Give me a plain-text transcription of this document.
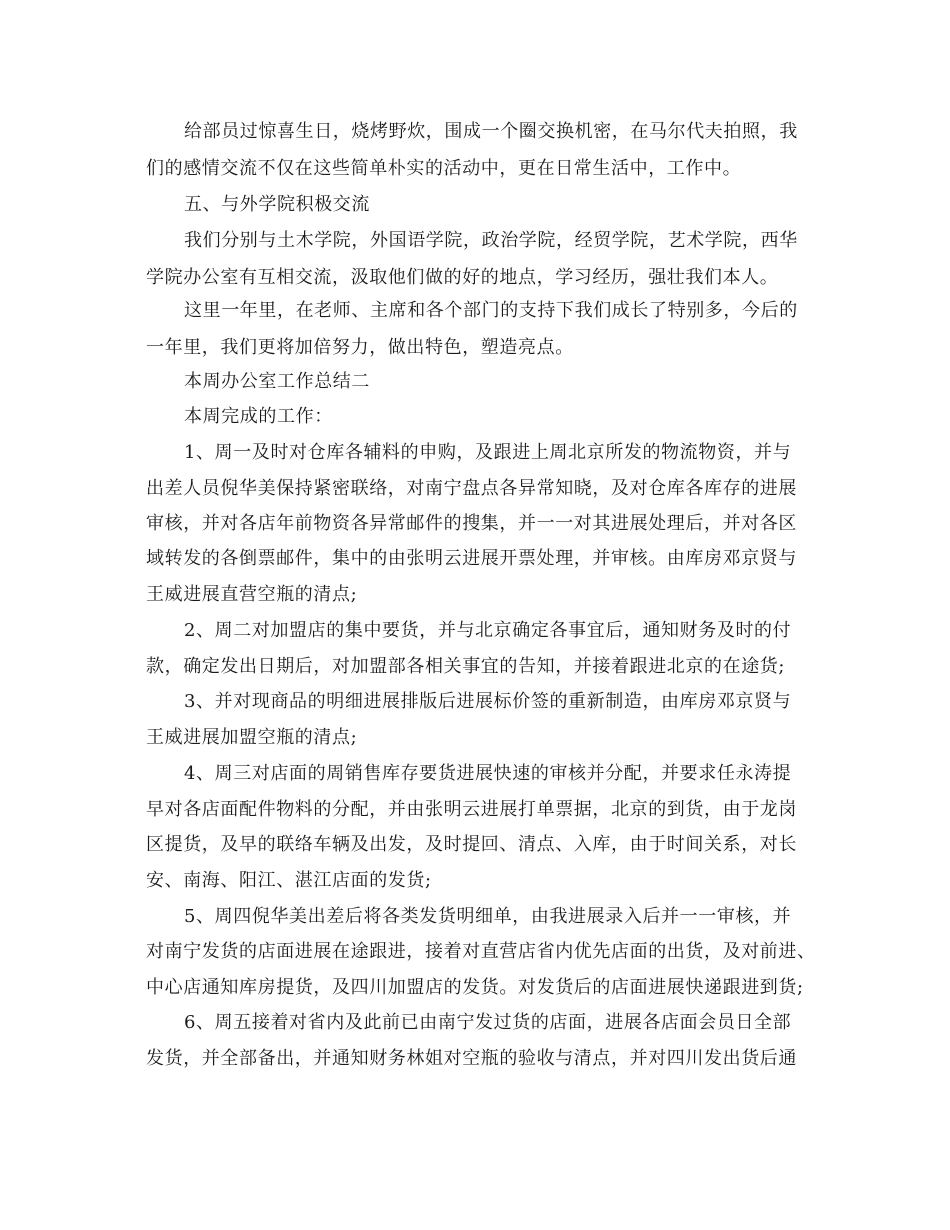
给部员过惊喜生日，烧烤野炊，围成一个圈交换机密，在马尔代夫拍照，我
们的感情交流不仅在这些简单朴实的活动中，更在日常生活中，工作中。
五、与外学院积极交流
我们分别与土木学院，外国语学院，政治学院，经贸学院，艺术学院，西华
学院办公室有互相交流，汲取他们做的好的地点，学习经历，强壮我们本人。
这里一年里，在老师、主席和各个部门的支持下我们成长了特别多，今后的
一年里，我们更将加倍努力，做出特色，塑造亮点。
本周办公室工作总结二
本周完成的工作：
1、周一及时对仓库各辅料的申购，及跟进上周北京所发的物流物资，并与
出差人员倪华美保持紧密联络，对南宁盘点各异常知晓，及对仓库各库存的进展
审核，并对各店年前物资各异常邮件的搜集，并一一对其进展处理后，并对各区
域转发的各倒票邮件，集中的由张明云进展开票处理，并审核。由库房邓京贤与
王威进展直营空瓶的清点;
2、周二对加盟店的集中要货，并与北京确定各事宜后，通知财务及时的付
款，确定发出日期后，对加盟部各相关事宜的告知，并接着跟进北京的在途货;
3、并对现商品的明细进展排版后进展标价签的重新制造，由库房邓京贤与
王威进展加盟空瓶的清点;
4、周三对店面的周销售库存要货进展快速的审核并分配，并要求任永涛提
早对各店面配件物料的分配，并由张明云进展打单票据，北京的到货，由于龙岗
区提货，及早的联络车辆及出发，及时提回、清点、入库，由于时间关系，对长
安、南海、阳江、湛江店面的发货;
5、周四倪华美出差后将各类发货明细单，由我进展录入后并一一审核，并
对南宁发货的店面进展在途跟进，接着对直营店省内优先店面的出货，及对前进、
中心店通知库房提货，及四川加盟店的发货。对发货后的店面进展快递跟进到货;
6、周五接着对省内及此前已由南宁发过货的店面，进展各店面会员日全部
发货，并全部备出，并通知财务林姐对空瓶的验收与清点，并对四川发出货后通
